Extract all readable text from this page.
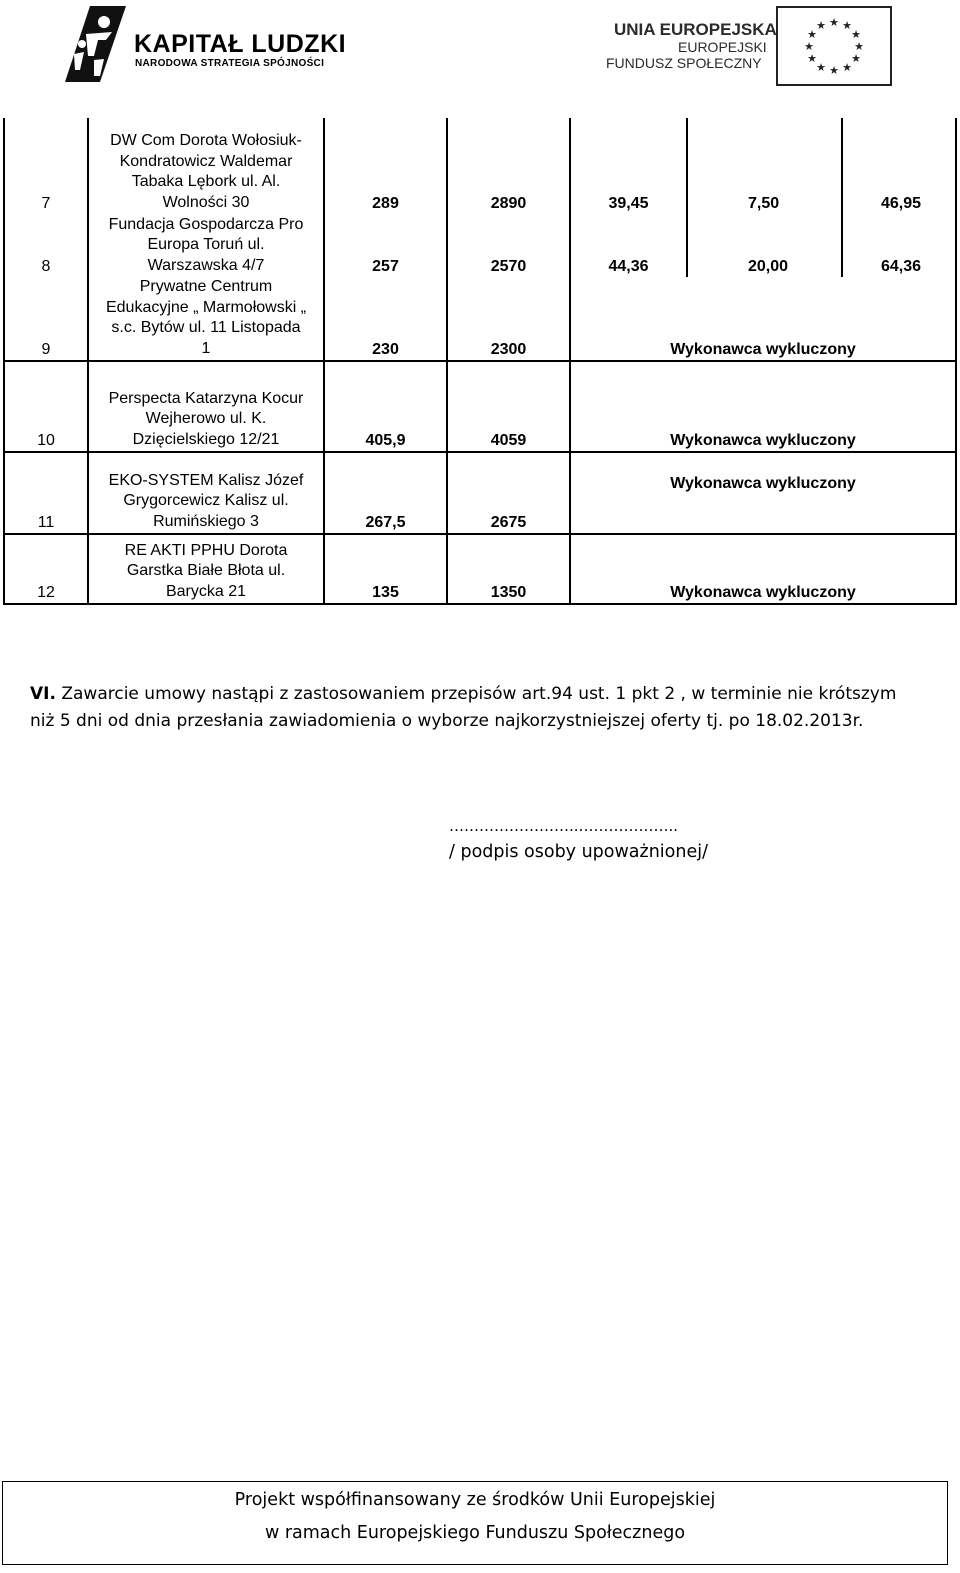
KAPITAŁ LUDZKI
NARODOWA STRATEGIA SPÓJNOŚCI
UNIA EUROPEJSKA
EUROPEJSKI
FUNDUSZ SPOŁECZNY
★ ★
★
★
★
★
★
★
★
★
★
★
7	DW Com Dorota Wołosiuk-
Kondratowicz Waldemar
Tabaka Lębork ul. Al.
Wolności 30	289	2890	39,45	7,50	46,95
8	Fundacja Gospodarcza Pro
Europa Toruń ul.
Warszawska 4/7	257	2570	44,36	20,00	64,36
9	Prywatne Centrum
Edukacyjne „ Marmołowski „
s.c. Bytów ul. 11 Listopada
1	230	2300	Wykonawca wykluczony		
10	Perspecta Katarzyna Kocur
Wejherowo ul. K.
Dzięcielskiego 12/21	405,9	4059	Wykonawca wykluczony		
11	EKO-SYSTEM Kalisz Józef
Grygorcewicz Kalisz ul.
Rumińskiego 3	267,5	2675	Wykonawca wykluczony		
12	RE AKTI PPHU Dorota
Garstka Białe Błota ul.
Barycka 21	135	1350	Wykonawca wykluczony		
VI. Zawarcie umowy nastąpi z zastosowaniem przepisów art.94 ust. 1 pkt 2 , w terminie nie krótszym niż 5 dni od dnia przesłania zawiadomienia o wyborze najkorzystniejszej oferty tj. po 18.02.2013r.
……………………..………………..
/ podpis osoby upoważnionej/
Projekt współfinansowany ze środków Unii Europejskiej
w ramach Europejskiego Funduszu Społecznego
